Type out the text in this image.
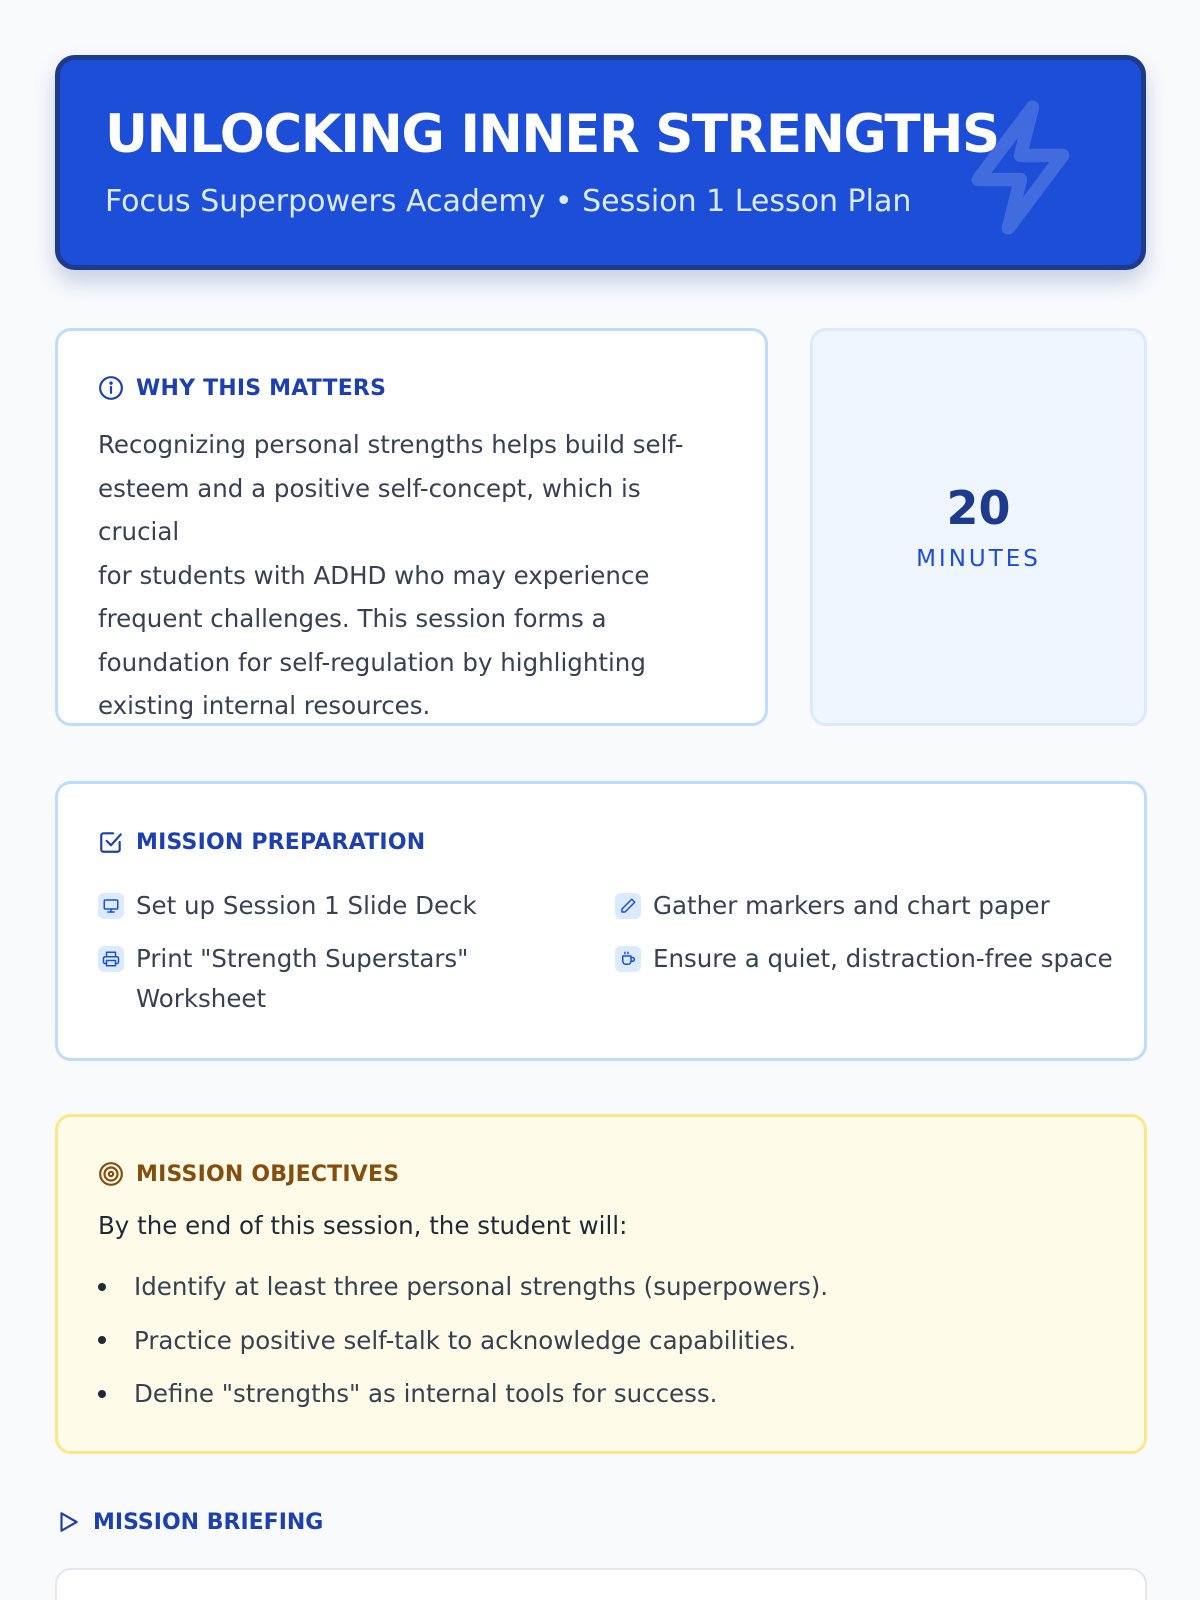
UNLOCKING INNER STRENGTHS
Focus Superpowers Academy • Session 1 Lesson Plan
WHY THIS MATTERS
Recognizing personal strengths helps build self-
esteem and a positive self-concept, which is crucial
for students with ADHD who may experience
frequent challenges. This session forms a
foundation for self-regulation by highlighting
existing internal resources.
20
MINUTES
MISSION PREPARATION
Set up Session 1 Slide Deck	Gather markers and chart paper
Print "Strength Superstars" Worksheet
Ensure a quiet, distraction-free space
MISSION OBJECTIVES
By the end of this session, the student will:
Identify at least three personal strengths (superpowers).
Practice positive self-talk to acknowledge capabilities.
Define "strengths" as internal tools for success.
MISSION BRIEFING
